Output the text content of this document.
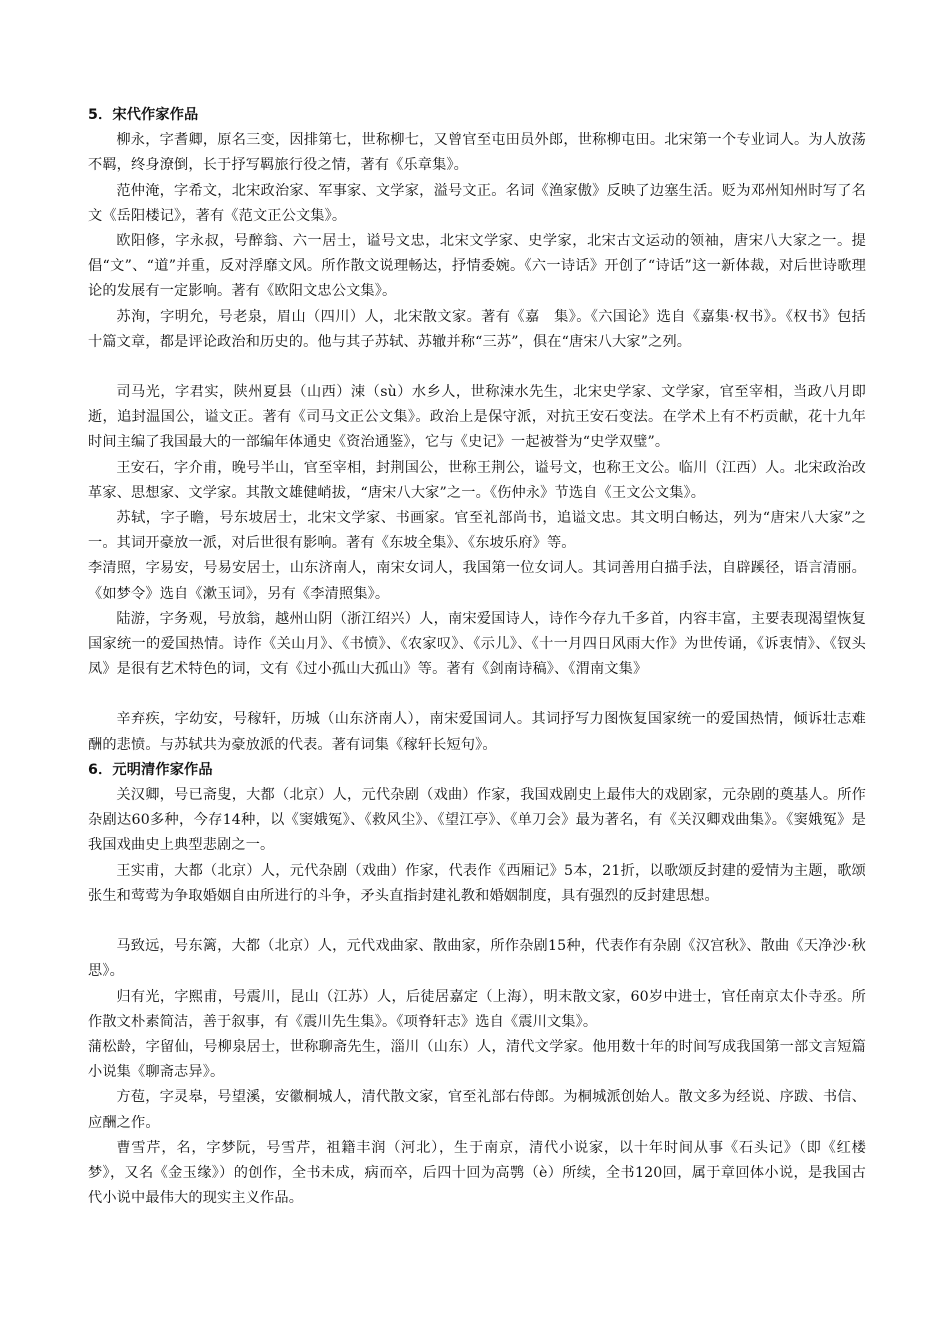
5．宋代作家作品

柳永，字耆卿，原名三变，因排第七，世称柳七，又曾官至屯田员外郎，世称柳屯田。北宋第一个专业词人。为人放荡不羁，终身潦倒，长于抒写羁旅行役之情，著有《乐章集》。

范仲淹，字希文，北宋政治家、军事家、文学家，溢号文正。名词《渔家傲》反映了边塞生活。贬为邓州知州时写了名文《岳阳楼记》，著有《范文正公文集》。

欧阳修，字永叔，号醉翁、六一居士，谥号文忠，北宋文学家、史学家，北宋古文运动的领袖，唐宋八大家之一。提倡“文”、“道”并重，反对浮靡文风。所作散文说理畅达，抒情委婉。《六一诗话》开创了“诗话”这一新体裁，对后世诗歌理论的发展有一定影响。著有《欧阳文忠公文集》。

苏洵，字明允，号老泉，眉山（四川）人，北宋散文家。著有《嘉　集》。《六国论》选自《嘉集·权书》。《权书》包括十篇文章，都是评论政治和历史的。他与其子苏轼、苏辙并称“三苏”，俱在“唐宋八大家”之列。

司马光，字君实，陕州夏县（山西）涑（sù）水乡人，世称涑水先生，北宋史学家、文学家，官至宰相，当政八月即逝，追封温国公，谥文正。著有《司马文正公文集》。政治上是保守派，对抗王安石变法。在学术上有不朽贡献，花十九年时间主编了我国最大的一部编年体通史《资治通鉴》，它与《史记》一起被誉为“史学双璧”。

王安石，字介甫，晚号半山，官至宰相，封荆国公，世称王荆公，谥号文，也称王文公。临川（江西）人。北宋政治改革家、思想家、文学家。其散文雄健峭拔，“唐宋八大家”之一。《伤仲永》节选自《王文公文集》。

苏轼，字子瞻，号东坡居士，北宋文学家、书画家。官至礼部尚书，追谥文忠。其文明白畅达，列为“唐宋八大家”之一。其词开豪放一派，对后世很有影响。著有《东坡全集》、《东坡乐府》等。

李清照，字易安，号易安居士，山东济南人，南宋女词人，我国第一位女词人。其词善用白描手法，自辟蹊径，语言清丽。《如梦令》选自《漱玉词》，另有《李清照集》。

陆游，字务观，号放翁，越州山阴（浙江绍兴）人，南宋爱国诗人，诗作今存九千多首，内容丰富，主要表现渴望恢复国家统一的爱国热情。诗作《关山月》、《书愤》、《农家叹》、《示儿》、《十一月四日风雨大作》为世传诵，《诉衷情》、《钗头凤》是很有艺术特色的词，文有《过小孤山大孤山》等。著有《剑南诗稿》、《渭南文集》

辛弃疾，字幼安，号稼轩，历城（山东济南人），南宋爱国词人。其词抒写力图恢复国家统一的爱国热情，倾诉壮志难酬的悲愤。与苏轼共为豪放派的代表。著有词集《稼轩长短句》。

6．元明清作家作品

关汉卿，号已斋叟，大都（北京）人，元代杂剧（戏曲）作家，我国戏剧史上最伟大的戏剧家，元杂剧的奠基人。所作杂剧达60多种，今存14种，以《窦娥冤》、《救风尘》、《望江亭》、《单刀会》最为著名，有《关汉卿戏曲集》。《窦娥冤》是我国戏曲史上典型悲剧之一。

王实甫，大都（北京）人，元代杂剧（戏曲）作家，代表作《西厢记》5本，21折，以歌颂反封建的爱情为主题，歌颂张生和莺莺为争取婚姻自由所进行的斗争，矛头直指封建礼教和婚姻制度，具有强烈的反封建思想。

马致远，号东篱，大都（北京）人，元代戏曲家、散曲家，所作杂剧15种，代表作有杂剧《汉宫秋》、散曲《天净沙·秋思》。

归有光，字熙甫，号震川，昆山（江苏）人，后徒居嘉定（上海），明末散文家，60岁中进士，官任南京太仆寺丞。所作散文朴素简洁，善于叙事，有《震川先生集》。《项脊轩志》选自《震川文集》。

蒲松龄，字留仙，号柳泉居士，世称聊斋先生，淄川（山东）人，清代文学家。他用数十年的时间写成我国第一部文言短篇小说集《聊斋志异》。

方苞，字灵皋，号望溪，安徽桐城人，清代散文家，官至礼部右侍郎。为桐城派创始人。散文多为经说、序跋、书信、应酬之作。

曹雪芹，名，字梦阮，号雪芹，祖籍丰润（河北），生于南京，清代小说家，以十年时间从事《石头记》（即《红楼梦》，又名《金玉缘》）的创作，全书未成，病而卒，后四十回为高鹗（è）所续，全书120回，属于章回体小说，是我国古代小说中最伟大的现实主义作品。
